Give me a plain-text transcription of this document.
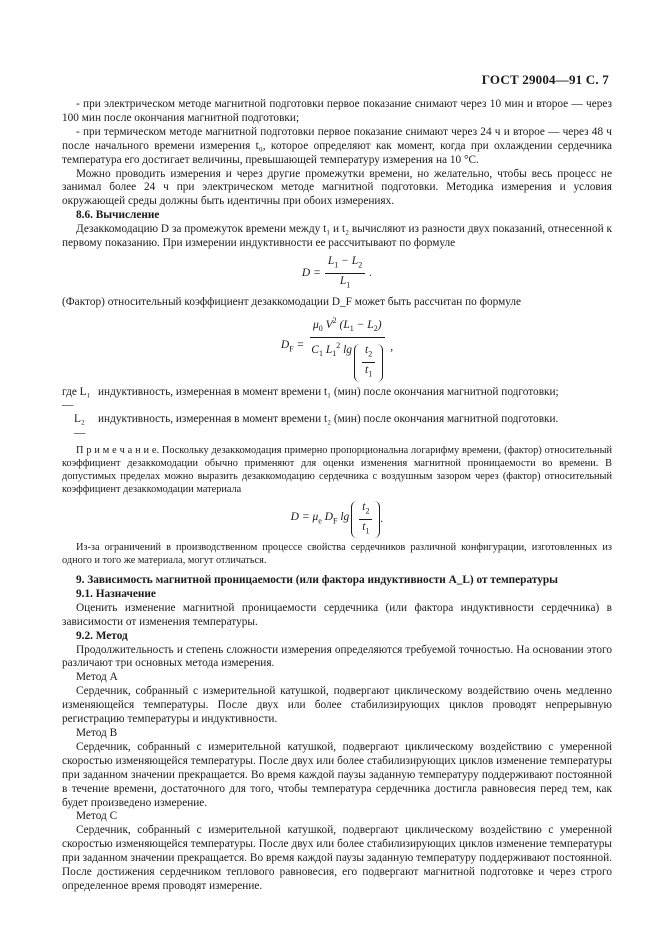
ГОСТ 29004—91 С. 7

- при электрическом методе магнитной подготовки первое показание снимают через 10 мин и второе — через 100 мин после окончания магнитной подготовки;

- при термическом методе магнитной подготовки первое показание снимают через 24 ч и второе — через 48 ч после начального времени измерения t₀, которое определяют как момент, когда при охлаждении сердечника температура его достигает величины, превышающей температуру измерения на 10 °С.

Можно проводить измерения и через другие промежутки времени, но желательно, чтобы весь процесс не занимал более 24 ч при электрическом методе магнитной подготовки. Методика измерения и условия окружающей среды должны быть идентичны при обоих измерениях.

8.6. Вычисление

Дезаккомодацию D за промежуток времени между t₁ и t₂ вычисляют из разности двух показаний, отнесенной к первому показанию. При измерении индуктивности ее рассчитывают по формуле

$D = \frac{L_1 - L_2}{L_1}$ .

(Фактор) относительный коэффициент дезаккомодации D_F может быть рассчитан по формуле

$D_F = \frac{\mu_0 V^2 (L_1 - L_2)}{C_1 L_1^2 \lg \frac{t_2}{t_1}}$ ,
где L₁ —
индуктивность, измеренная в момент времени t₁ (мин) после окончания магнитной подготовки;
L₂ —
индуктивность, измеренная в момент времени t₂ (мин) после окончания магнитной подготовки.

П р и м е ч а н и е. Поскольку дезаккомодация примерно пропорциональна логарифму времени, (фактор) относительный коэффициент дезаккомодации обычно применяют для оценки изменения магнитной проницаемости во времени. В допустимых пределах можно выразить дезаккомодацию сердечника с воздушным зазором через (фактор) относительный коэффициент дезаккомодации материала

$D = \mu_e$ $D_F$ $\lg \frac{t_2}{t_1}$ .

Из-за ограничений в производственном процессе свойства сердечников различной конфигурации, изготовленных из одного и того же материала, могут отличаться.

9. Зависимость магнитной проницаемости (или фактора индуктивности A_L) от температуры

9.1. Назначение

Оценить изменение магнитной проницаемости сердечника (или фактора индуктивности сердечника) в зависимости от изменения температуры.

9.2. Метод

Продолжительность и степень сложности измерения определяются требуемой точностью. На основании этого различают три основных метода измерения.

Метод А

Сердечник, собранный с измерительной катушкой, подвергают циклическому воздействию очень медленно изменяющейся температуры. После двух или более стабилизирующих циклов проводят непрерывную регистрацию температуры и индуктивности.

Метод В

Сердечник, собранный с измерительной катушкой, подвергают циклическому воздействию с умеренной скоростью изменяющейся температуры. После двух или более стабилизирующих циклов изменение температуры при заданном значении прекращается. Во время каждой паузы заданную температуру поддерживают постоянной в течение времени, достаточного для того, чтобы температура сердечника достигла равновесия перед тем, как будет произведено измерение.

Метод С

Сердечник, собранный с измерительной катушкой, подвергают циклическому воздействию с умеренной скоростью изменяющейся температуры. После двух или более стабилизирующих циклов изменение температуры при заданном значении прекращается. Во время каждой паузы заданную температуру поддерживают постоянной. После достижения сердечником теплового равновесия, его подвергают магнитной подготовке и через строго определенное время проводят измерение.
